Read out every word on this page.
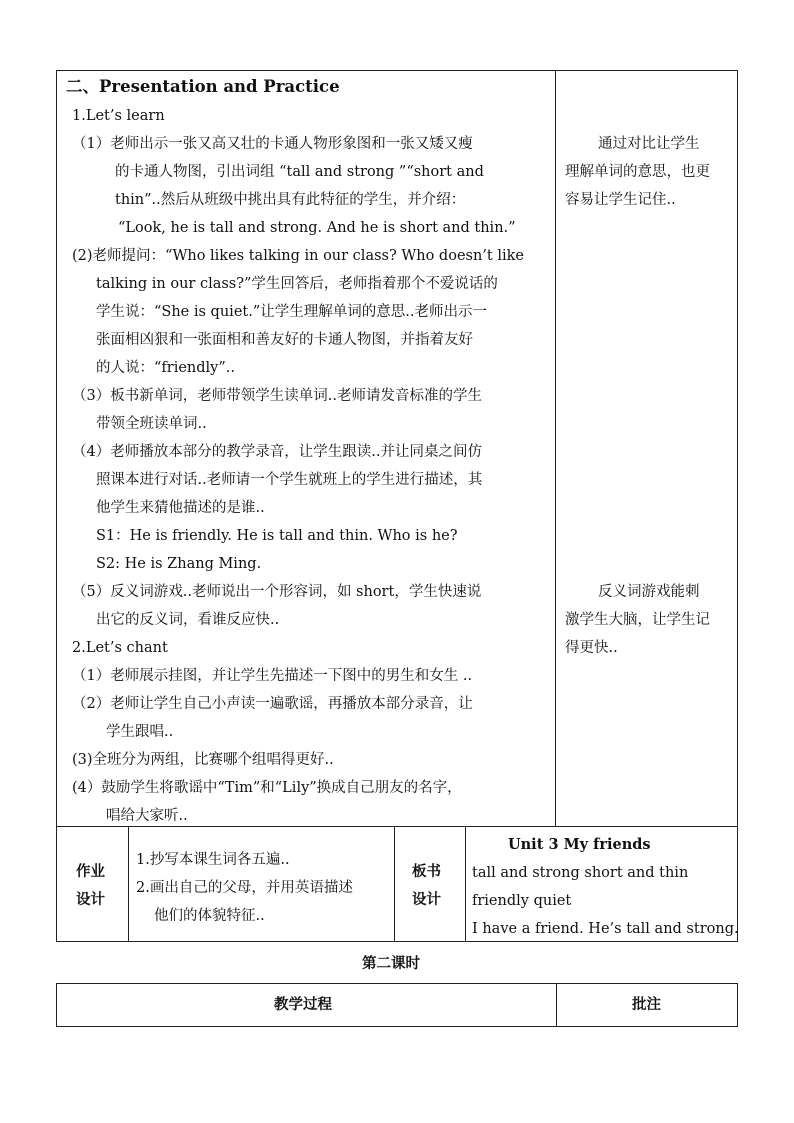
二、Presentation and Practice
1.Let’s learn
（1）老师出示一张又高又壮的卡通人物形象图和一张又矮又瘦
的卡通人物图，引出词组 “tall and strong ”“short and
thin”..然后从班级中挑出具有此特征的学生，并介绍：
“Look, he is tall and strong. And he is short and thin.”
(2)老师提问：“Who likes talking in our class? Who doesn’t like
talking in our class?”学生回答后，老师指着那个不爱说话的
学生说：“She is quiet.”让学生理解单词的意思..老师出示一
张面相凶狠和一张面相和善友好的卡通人物图，并指着友好
的人说：“friendly”..
（3）板书新单词，老师带领学生读单词..老师请发音标准的学生
带领全班读单词..
（4）老师播放本部分的教学录音，让学生跟读..并让同桌之间仿
照课本进行对话..老师请一个学生就班上的学生进行描述，其
他学生来猜他描述的是谁..
S1：He is friendly. He is tall and thin. Who is he?
S2: He is Zhang Ming.
（5）反义词游戏..老师说出一个形容词，如 short，学生快速说
出它的反义词，看谁反应快..
2.Let’s chant
（1）老师展示挂图，并让学生先描述一下图中的男生和女生 ..
（2）老师让学生自己小声读一遍歌谣，再播放本部分录音，让
学生跟唱..
(3)全班分为两组，比赛哪个组唱得更好..
(4）鼓励学生将歌谣中“Tim”和“Lily”换成自己朋友的名字，
唱给大家听..
通过对比让学生
理解单词的意思，也更
容易让学生记住..
反义词游戏能刺
激学生大脑，让学生记
得更快..
作业
设计
1.抄写本课生词各五遍..
2.画出自己的父母，并用英语描述
他们的体貌特征..
板书
设计
Unit 3 My friends
tall and strong short and thin
friendly quiet
I have a friend. He’s tall and strong.
第二课时
教学过程	批注
